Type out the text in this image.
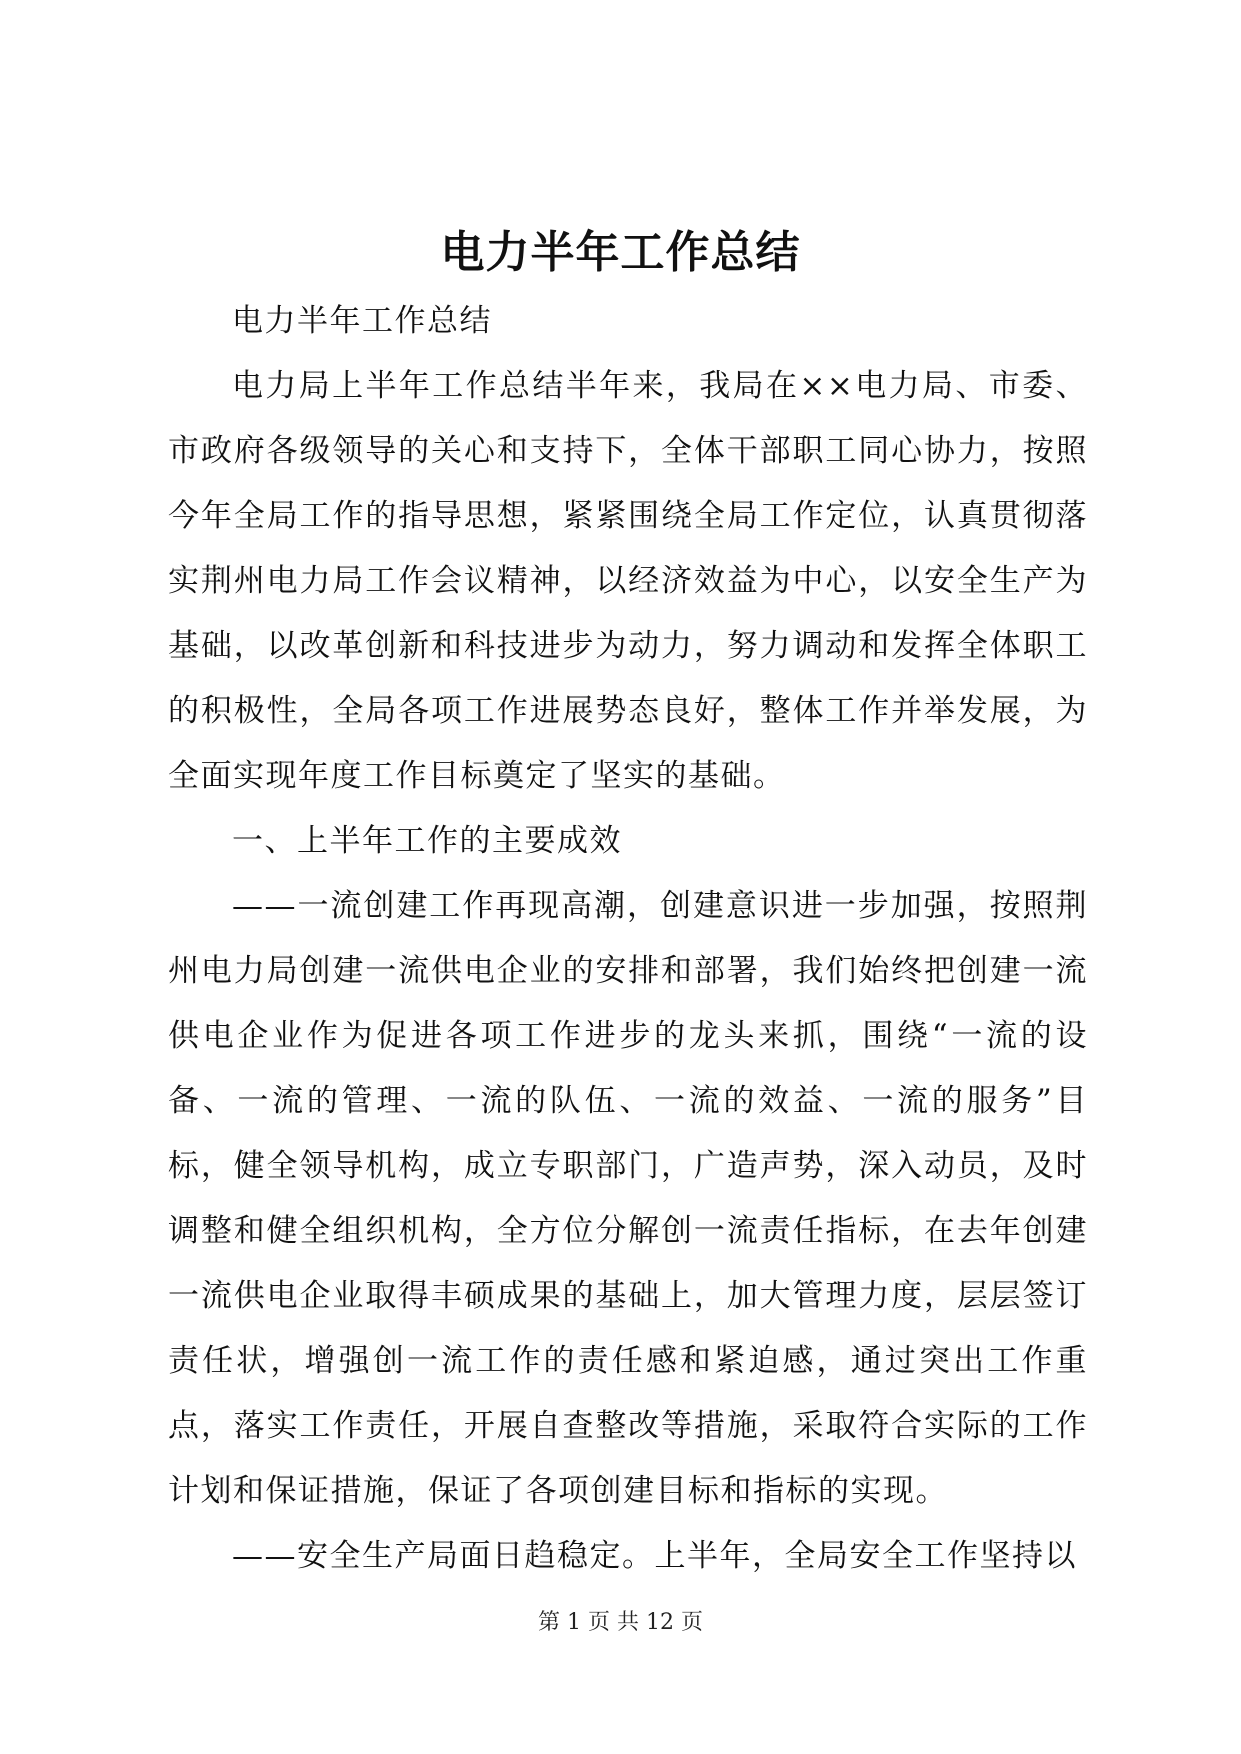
电力半年工作总结

电力半年工作总结

电力局上半年工作总结半年来，我局在××电力局、市委、市政府各级领导的关心和支持下，全体干部职工同心协力，按照今年全局工作的指导思想，紧紧围绕全局工作定位，认真贯彻落实荆州电力局工作会议精神，以经济效益为中心，以安全生产为基础，以改革创新和科技进步为动力，努力调动和发挥全体职工的积极性，全局各项工作进展势态良好，整体工作并举发展，为全面实现年度工作目标奠定了坚实的基础。

一、上半年工作的主要成效

——一流创建工作再现高潮，创建意识进一步加强，按照荆州电力局创建一流供电企业的安排和部署，我们始终把创建一流供电企业作为促进各项工作进步的龙头来抓，围绕“一流的设备、一流的管理、一流的队伍、一流的效益、一流的服务”目标，健全领导机构，成立专职部门，广造声势，深入动员，及时调整和健全组织机构，全方位分解创一流责任指标，在去年创建一流供电企业取得丰硕成果的基础上，加大管理力度，层层签订责任状，增强创一流工作的责任感和紧迫感，通过突出工作重点，落实工作责任，开展自查整改等措施，采取符合实际的工作计划和保证措施，保证了各项创建目标和指标的实现。

——安全生产局面日趋稳定。上半年，全局安全工作坚持以

第 1 页 共 12 页
